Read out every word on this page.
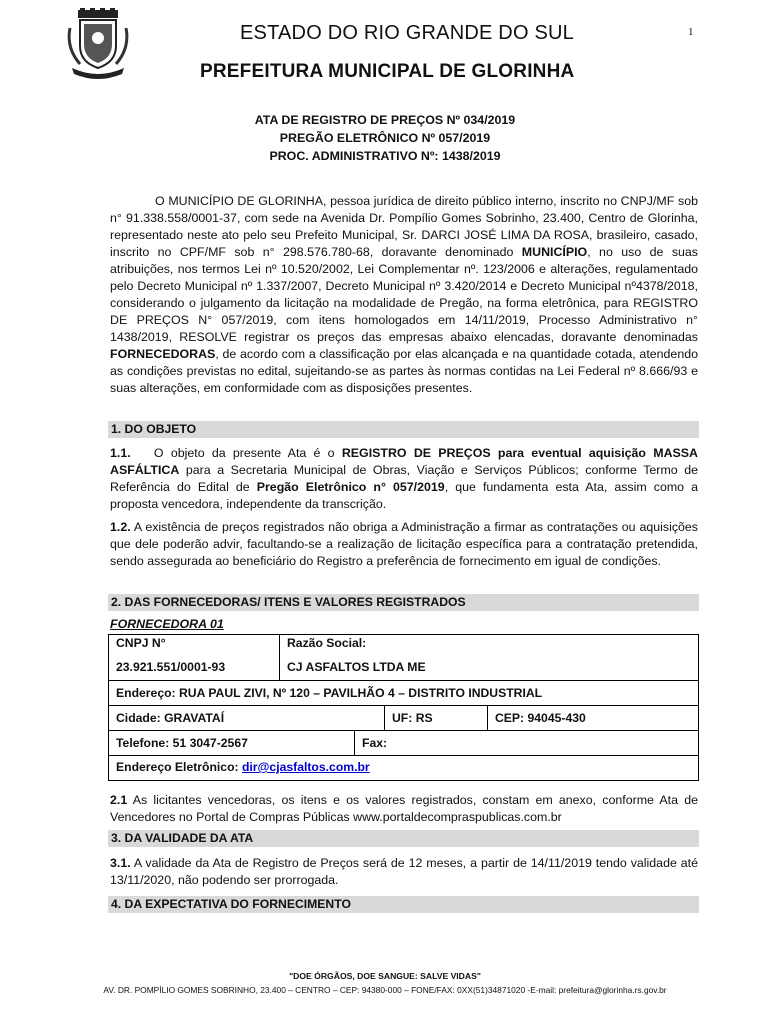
ESTADO DO RIO GRANDE DO SUL	1
PREFEITURA MUNICIPAL DE GLORINHA
ATA DE REGISTRO DE PREÇOS Nº 034/2019
PREGÃO ELETRÔNICO Nº 057/2019
PROC. ADMINISTRATIVO Nº: 1438/2019
O MUNICÍPIO DE GLORINHA, pessoa jurídica de direito público interno, inscrito no CNPJ/MF sob n° 91.338.558/0001-37, com sede na Avenida Dr. Pompílio Gomes Sobrinho, 23.400, Centro de Glorinha, representado neste ato pelo seu Prefeito Municipal, Sr. DARCI JOSÉ LIMA DA ROSA, brasileiro, casado, inscrito no CPF/MF sob n° 298.576.780-68, doravante denominado MUNICÍPIO, no uso de suas atribuições, nos termos Lei nº 10.520/2002, Lei Complementar nº. 123/2006 e alterações, regulamentado pelo Decreto Municipal nº 1.337/2007, Decreto Municipal nº 3.420/2014 e Decreto Municipal nº4378/2018, considerando o julgamento da licitação na modalidade de Pregão, na forma eletrônica, para REGISTRO DE PREÇOS N° 057/2019, com itens homologados em 14/11/2019, Processo Administrativo n° 1438/2019, RESOLVE registrar os preços das empresas abaixo elencadas, doravante denominadas FORNECEDORAS, de acordo com a classificação por elas alcançada e na quantidade cotada, atendendo as condições previstas no edital, sujeitando-se as partes às normas contidas na Lei Federal nº 8.666/93 e suas alterações, em conformidade com as disposições presentes.
1. DO OBJETO
1.1. O objeto da presente Ata é o REGISTRO DE PREÇOS para eventual aquisição MASSA ASFÁLTICA para a Secretaria Municipal de Obras, Viação e Serviços Públicos; conforme Termo de Referência do Edital de Pregão Eletrônico n° 057/2019, que fundamenta esta Ata, assim como a proposta vencedora, independente da transcrição.
1.2. A existência de preços registrados não obriga a Administração a firmar as contratações ou aquisições que dele poderão advir, facultando-se a realização de licitação específica para a contratação pretendida, sendo assegurada ao beneficiário do Registro a preferência de fornecimento em igual de condições.
2. DAS FORNECEDORAS/ ITENS E VALORES REGISTRADOS
FORNECEDORA 01
CNPJ N°
23.921.551/0001-93
Razão Social:
CJ ASFALTOS LTDA ME
Endereço: RUA PAUL ZIVI, Nº 120 – PAVILHÃO 4 – DISTRITO INDUSTRIAL
Cidade: GRAVATAÍ	UF: RS	CEP: 94045-430
Telefone: 51 3047-2567	Fax:
Endereço Eletrônico: dir@cjasfaltos.com.br
2.1 As licitantes vencedoras, os itens e os valores registrados, constam em anexo, conforme Ata de Vencedores no Portal de Compras Públicas www.portaldecompraspublicas.com.br
3. DA VALIDADE DA ATA
3.1. A validade da Ata de Registro de Preços será de 12 meses, a partir de 14/11/2019 tendo validade até 13/11/2020, não podendo ser prorrogada.
4. DA EXPECTATIVA DO FORNECIMENTO
"DOE ÓRGÃOS, DOE SANGUE: SALVE VIDAS"
AV. DR. POMPÍLIO GOMES SOBRINHO, 23.400 – CENTRO – CEP: 94380-000 – FONE/FAX: 0XX(51)34871020 -E-mail: prefeitura@glorinha.rs.gov.br
